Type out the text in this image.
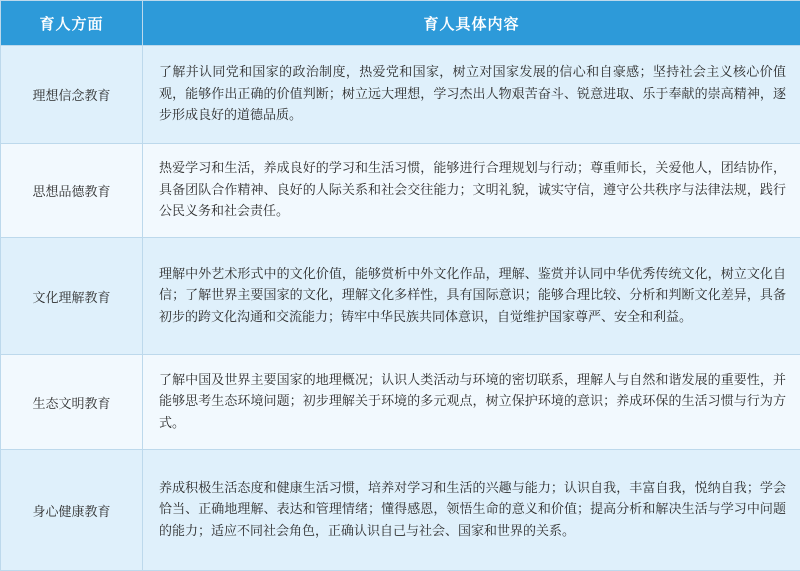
育人方面	育人具体内容
理想信念教育	了解并认同党和国家的政治制度，热爱党和国家，树立对国家发展的信心和自豪感；坚持社会主义核心价值观，能够作出正确的价值判断；树立远大理想，学习杰出人物艰苦奋斗、锐意进取、乐于奉献的崇高精神，逐步形成良好的道德品质。
思想品德教育	热爱学习和生活，养成良好的学习和生活习惯，能够进行合理规划与行动；尊重师长，关爱他人，团结协作，具备团队合作精神、良好的人际关系和社会交往能力；文明礼貌，诚实守信，遵守公共秩序与法律法规，践行公民义务和社会责任。
文化理解教育	理解中外艺术形式中的文化价值，能够赏析中外文化作品，理解、鉴赏并认同中华优秀传统文化，树立文化自信；了解世界主要国家的文化，理解文化多样性，具有国际意识；能够合理比较、分析和判断文化差异，具备初步的跨文化沟通和交流能力；铸牢中华民族共同体意识，自觉维护国家尊严、安全和利益。
生态文明教育	了解中国及世界主要国家的地理概况；认识人类活动与环境的密切联系，理解人与自然和谐发展的重要性，并能够思考生态环境问题；初步理解关于环境的多元观点，树立保护环境的意识；养成环保的生活习惯与行为方式。
身心健康教育	养成积极生活态度和健康生活习惯，培养对学习和生活的兴趣与能力；认识自我，丰富自我，悦纳自我；学会恰当、正确地理解、表达和管理情绪；懂得感恩，领悟生命的意义和价值；提高分析和解决生活与学习中问题的能力；适应不同社会角色，正确认识自己与社会、国家和世界的关系。
